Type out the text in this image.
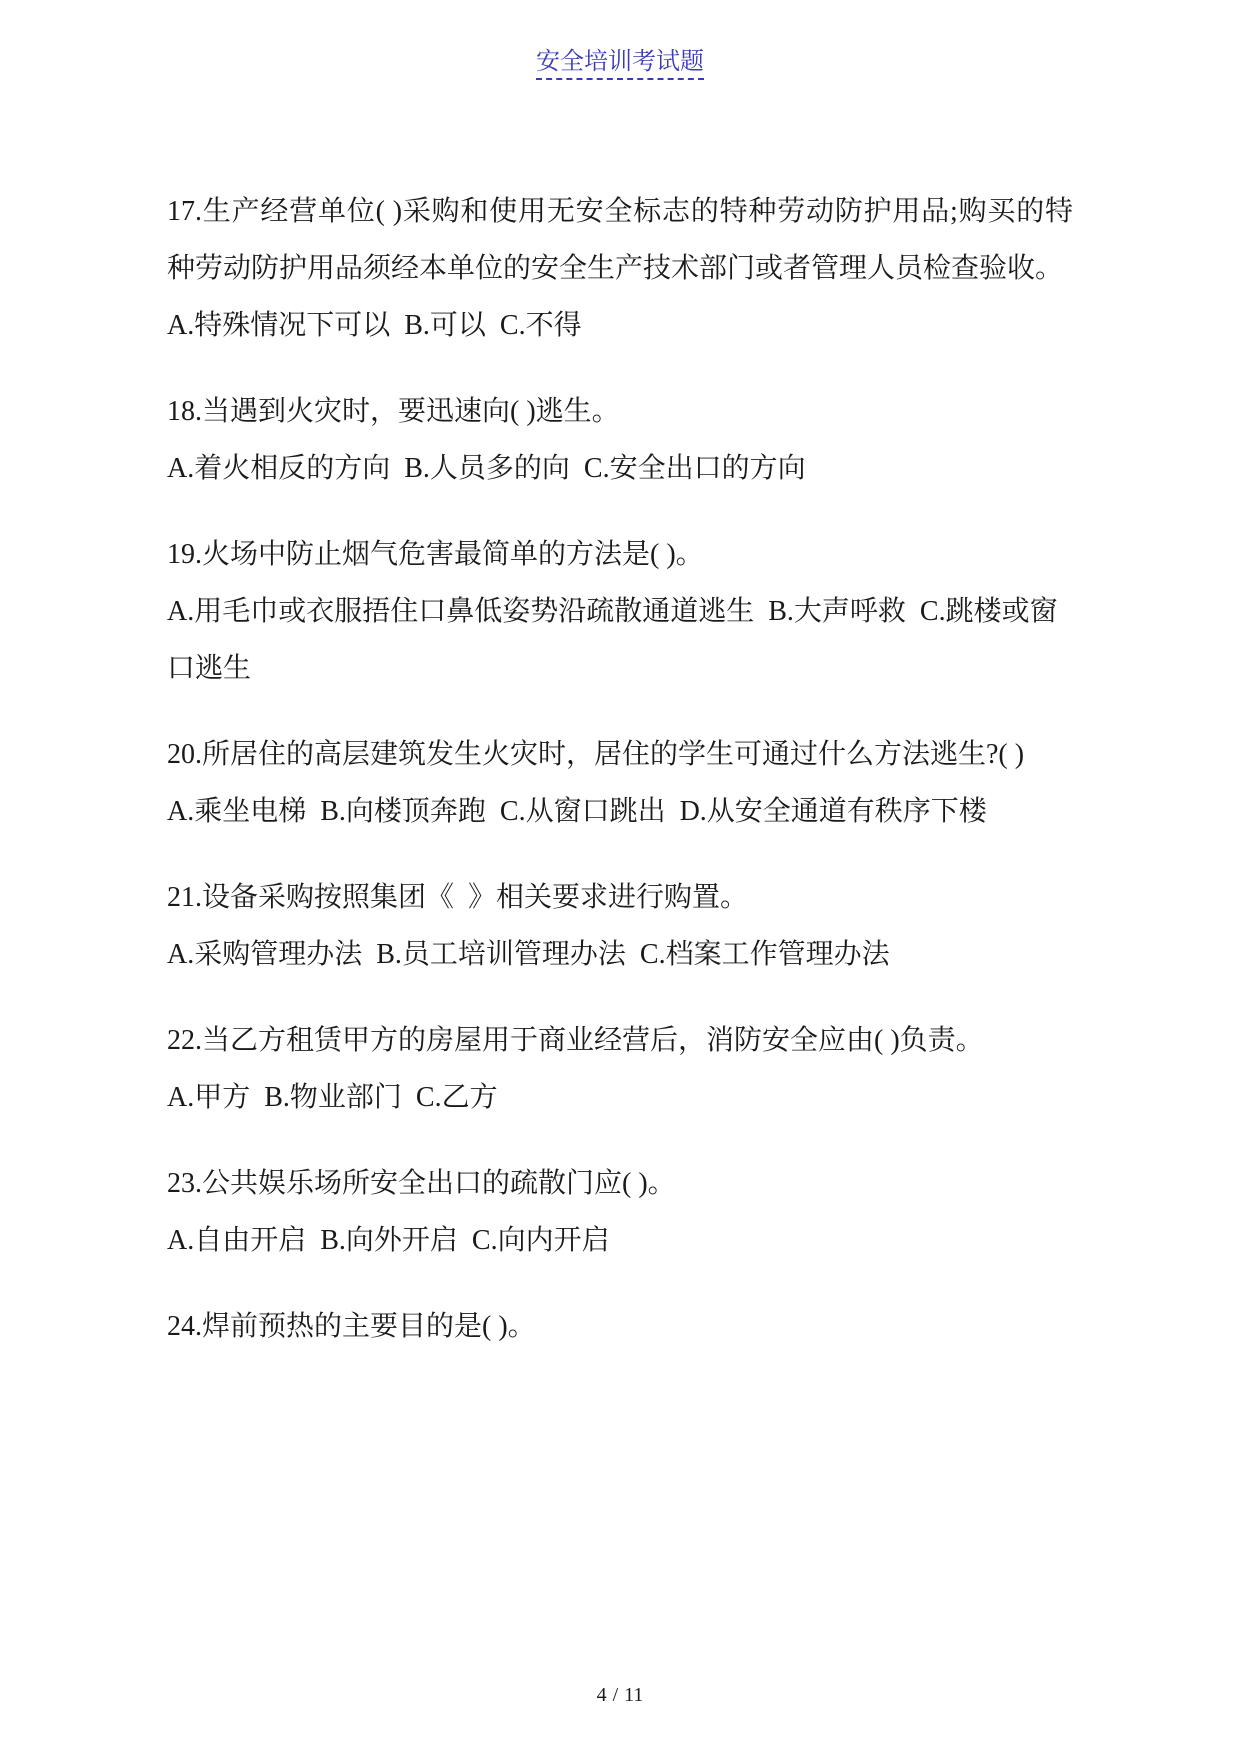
安全培训考试题

17.生产经营单位( )采购和使用无安全标志的特种劳动防护用品;购买的特种劳动防护用品须经本单位的安全生产技术部门或者管理人员检查验收。

A.特殊情况下可以  B.可以  C.不得

18.当遇到火灾时，要迅速向( )逃生。

A.着火相反的方向  B.人员多的向  C.安全出口的方向

19.火场中防止烟气危害最简单的方法是( )。

A.用毛巾或衣服捂住口鼻低姿势沿疏散通道逃生  B.大声呼救  C.跳楼或窗口逃生

20.所居住的高层建筑发生火灾时，居住的学生可通过什么方法逃生?( )

A.乘坐电梯  B.向楼顶奔跑  C.从窗口跳出  D.从安全通道有秩序下楼

21.设备采购按照集团《  》相关要求进行购置。

A.采购管理办法  B.员工培训管理办法  C.档案工作管理办法

22.当乙方租赁甲方的房屋用于商业经营后，消防安全应由( )负责。

A.甲方  B.物业部门  C.乙方

23.公共娱乐场所安全出口的疏散门应( )。

A.自由开启  B.向外开启  C.向内开启

24.焊前预热的主要目的是( )。

4 / 11
